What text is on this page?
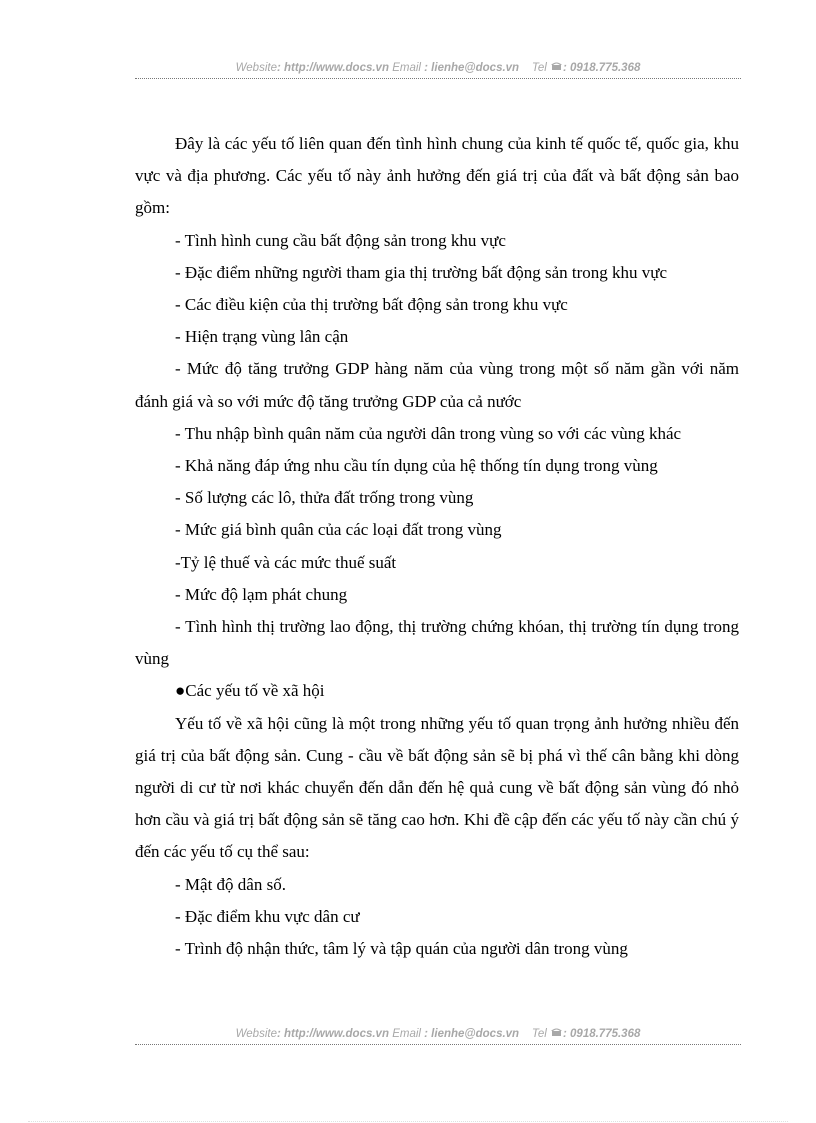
Website: http://www.docs.vn Email : lienhe@docs.vn Tel : 0918.775.368

Đây là các yếu tố liên quan đến tình hình chung của kinh tế quốc tế, quốc gia, khu vực và địa phương. Các yếu tố này ảnh hưởng đến giá trị của đất và bất động sản bao gồm:

- Tình hình cung cầu bất động sản trong khu vực

- Đặc điểm những người tham gia thị trường bất động sản trong khu vực

- Các điều kiện của thị trường bất động sản trong khu vực

- Hiện trạng vùng lân cận

- Mức độ tăng trưởng GDP hàng năm của vùng trong một số năm gần với năm đánh giá và so với mức độ tăng trưởng GDP của cả nước

- Thu nhập bình quân năm của người dân trong vùng so với các vùng khác

- Khả năng đáp ứng nhu cầu tín dụng của hệ thống tín dụng trong vùng

- Số lượng các lô, thửa đất trống trong vùng

- Mức giá bình quân của các loại đất trong vùng

-Tỷ lệ thuế và các mức thuế suất

- Mức độ lạm phát chung

- Tình hình thị trường lao động, thị trường chứng khóan, thị trường tín dụng trong vùng

●Các yếu tố về xã hội

Yếu tố về xã hội cũng là một trong những yếu tố quan trọng ảnh hưởng nhiều đến giá trị của bất động sản. Cung - cầu về bất động sản sẽ bị phá vì thế cân bằng khi dòng người di cư từ nơi khác chuyển đến dẫn đến hệ quả cung về bất động sản vùng đó nhỏ hơn cầu và giá trị bất động sản sẽ tăng cao hơn. Khi đề cập đến các yếu tố này cần chú ý đến các yếu tố cụ thể sau:

- Mật độ dân số.

- Đặc điểm khu vực dân cư

- Trình độ nhận thức, tâm lý và tập quán của người dân trong vùng

Website: http://www.docs.vn Email : lienhe@docs.vn Tel : 0918.775.368
